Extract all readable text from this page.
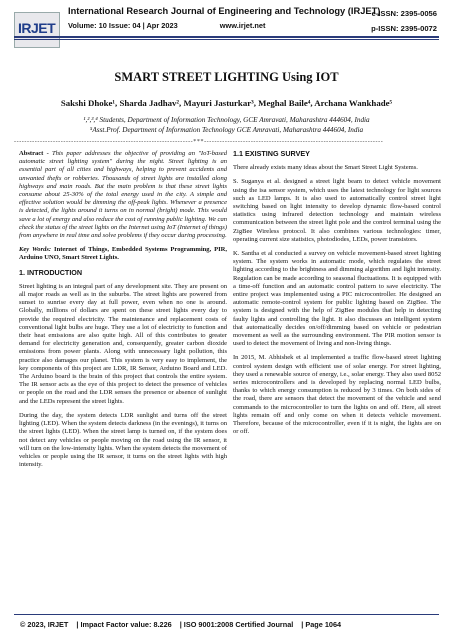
IRJET
International Research Journal of Engineering and Technology (IRJET)
Volume: 10 Issue: 04 | Apr 2023	www.irjet.net
e-ISSN: 2395-0056
p-ISSN: 2395-0072
SMART STREET LIGHTING Using IOT
Sakshi Dhoke¹, Sharda Jadhav², Mayuri Jasturkar³, Meghal Baile⁴, Archana Wankhade⁵
¹,²,³,⁴ Students, Department of Information Technology, GCE Amravati, Maharashtra 444604, India
⁵Asst.Prof. Department of Information Technology GCE Amravati, Maharashtra 444604, India
---------------------------------------------------------------------***---------------------------------------------------------------------

Abstract - This paper addresses the objective of providing an "IoT-based automatic street lighting system" during the night. Street lighting is an essential part of all cities and highways, helping to prevent accidents and unwanted thefts or robberies. Thousands of street lights are installed along highways and main roads. But the main problem is that these street lights consume about 25-30% of the total energy used in the city. A simple and effective solution would be dimming the off-peak lights. Whenever a presence is detected, the lights around it turns on in normal (bright) mode. This would save a lot of energy and also reduce the cost of running public lighting. We can check the status of the street lights on the Internet using IoT (Internet of things) from anywhere in real time and solve problems if they occur during processing.

Key Words: Internet of Things, Embedded Systems Programming, PIR, Arduino UNO, Smart Street Lights.

1. INTRODUCTION

Street lighting is an integral part of any development site. They are present on all major roads as well as in the suburbs. The street lights are powered from sunset to sunrise every day at full power, even when no one is around. Globally, millions of dollars are spent on these street lights every day to provide the required electricity. The maintenance and replacement costs of conventional light bulbs are huge. They use a lot of electricity to function and their heat emissions are also quite high. All of this contributes to greater demand for electricity generation and, consequently, greater carbon dioxide emissions from power plants. Along with unnecessary light pollution, this practice also damages our planet. This system is very easy to implement, the key components of this project are LDR, IR Sensor, Arduino Board and LED. The Arduino board is the brain of this project that controls the entire system. The IR sensor acts as the eye of this project to detect the presence of vehicles or people on the road and the LDR senses the presence or absence of sunlight and the LEDs represent the street lights.

During the day, the system detects LDR sunlight and turns off the street lighting (LED). When the system detects darkness (in the evenings), it turns on the street lights (LED). When the street lamp is turned on, if the system does not detect any vehicles or people moving on the road using the IR sensor, it will turn on the low-intensity lights. When the system detects the movement of vehicles or people using the IR sensor, it turns on the street lights with high intensity.

1.1 EXISTING SURVEY

There already exists many ideas about the Smart Street Light Systems.

S. Suganya et al. designed a street light beam to detect vehicle movement using the isa sensor system, which uses the latest technology for light sources such as LED lamps. It is also used to automatically control street light switching based on light intensity to develop dynamic flow-based control statistics using infrared detection technology and maintain wireless communication between the street light pole and the control terminal using the ZigBee Wireless protocol. It also combines various technologies: timer, operating current size statistics, photodiodes, LEDs, power transistors.

K. Santha et al conducted a survey on vehicle movement-based street lighting system. The system works in automatic mode, which regulates the street lighting according to the brightness and dimming algorithm and light intensity. Regulation can be made according to seasonal fluctuations. It is equipped with a time-off function and an automatic control pattern to save electricity. The entire project was implemented using a PIC microcontroller. He designed an automatic remote-control system for public lighting based on ZigBee. The system is designed with the help of ZigBee modules that help in detecting faulty lights and controlling the light. It also discusses an intelligent system that automatically decides on/off/dimming based on vehicle or pedestrian movement as well as the surrounding environment. The PIR motion sensor is used to detect the movement of living and non-living things.

In 2015, M. Abhishek et al implemented a traffic flow-based street lighting control system design with efficient use of solar energy. For street lighting, they used a renewable source of energy, i.e., solar energy. They also used 8052 series microcontrollers and is developed by replacing normal LED bulbs, thanks to which energy consumption is reduced by 3 times. On both sides of the road, there are sensors that detect the movement of the vehicle and send commands to the microcontroller to turn the lights on and off. Here, all street lights remain off and only come on when it detects vehicle movement. Therefore, because of the microcontroller, even if it is night, the lights are on or off.

© 2023, IRJET | Impact Factor value: 8.226 | ISO 9001:2008 Certified Journal | Page 1064
